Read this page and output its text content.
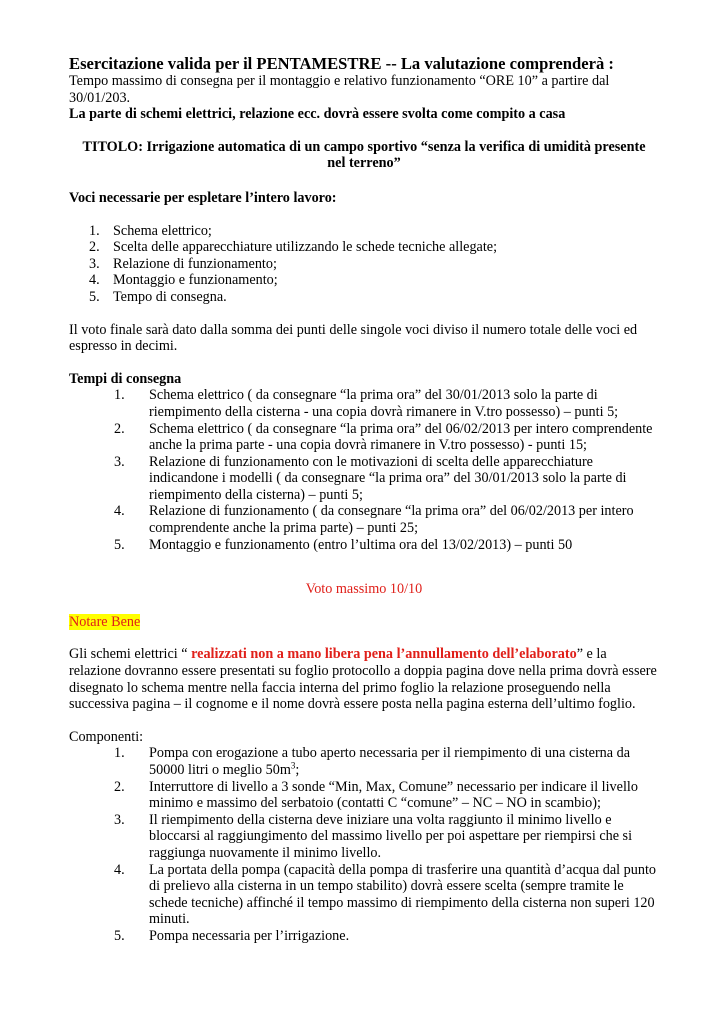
Esercitazione valida per il PENTAMESTRE -- La valutazione comprenderà :

Tempo massimo di consegna per il montaggio e relativo funzionamento “ORE 10” a partire dal 30/01/203.

La parte di schemi elettrici, relazione ecc. dovrà essere svolta come compito a casa

TITOLO: Irrigazione automatica di un campo sportivo “senza la verifica di umidità presente

nel terreno”

Voci necessarie per espletare l’intero lavoro:

1. Schema elettrico;
2. Scelta delle apparecchiature utilizzando le schede tecniche allegate;
3. Relazione di funzionamento;
4. Montaggio e funzionamento;
5. Tempo di consegna.

Il voto finale sarà dato dalla somma dei punti delle singole voci diviso il numero totale delle voci ed espresso in decimi.

Tempi di consegna

1. Schema elettrico ( da consegnare “la prima ora” del 30/01/2013 solo la parte di riempimento della cisterna - una copia dovrà rimanere in V.tro possesso) – punti 5;
2. Schema elettrico ( da consegnare “la prima ora” del 06/02/2013 per intero comprendente anche la prima parte - una copia dovrà rimanere in V.tro possesso) - punti 15;
3. Relazione di funzionamento con le motivazioni di scelta delle apparecchiature indicandone i modelli ( da consegnare “la prima ora” del 30/01/2013 solo la parte di riempimento della cisterna) – punti 5;
4. Relazione di funzionamento ( da consegnare “la prima ora” del 06/02/2013 per intero comprendente anche la prima parte) – punti 25;
5. Montaggio e funzionamento (entro l’ultima ora del 13/02/2013) – punti 50

Voto massimo 10/10

Notare Bene

Gli schemi elettrici “ realizzati non a mano libera pena l’annullamento dell’elaborato” e la relazione dovranno essere presentati su foglio protocollo a doppia pagina dove nella prima dovrà essere disegnato lo schema mentre nella faccia interna del primo foglio la relazione proseguendo nella successiva pagina – il cognome e il nome dovrà essere posta nella pagina esterna dell’ultimo foglio.

Componenti:

1. Pompa con erogazione a tubo aperto necessaria per il riempimento di una cisterna da 50000 litri o meglio $50m^3$;
2. Interruttore di livello a 3 sonde “Min, Max, Comune” necessario per indicare il livello minimo e massimo del serbatoio (contatti C “comune” – NC – NO in scambio);
3. Il riempimento della cisterna deve iniziare una volta raggiunto il minimo livello e bloccarsi al raggiungimento del massimo livello per poi aspettare per riempirsi che si raggiunga nuovamente il minimo livello.
4. La portata della pompa (capacità della pompa di trasferire una quantità d’acqua dal punto di prelievo alla cisterna in un tempo stabilito) dovrà essere scelta (sempre tramite le schede tecniche) affinché il tempo massimo di riempimento della cisterna non superi 120 minuti.
5. Pompa necessaria per l’irrigazione.
